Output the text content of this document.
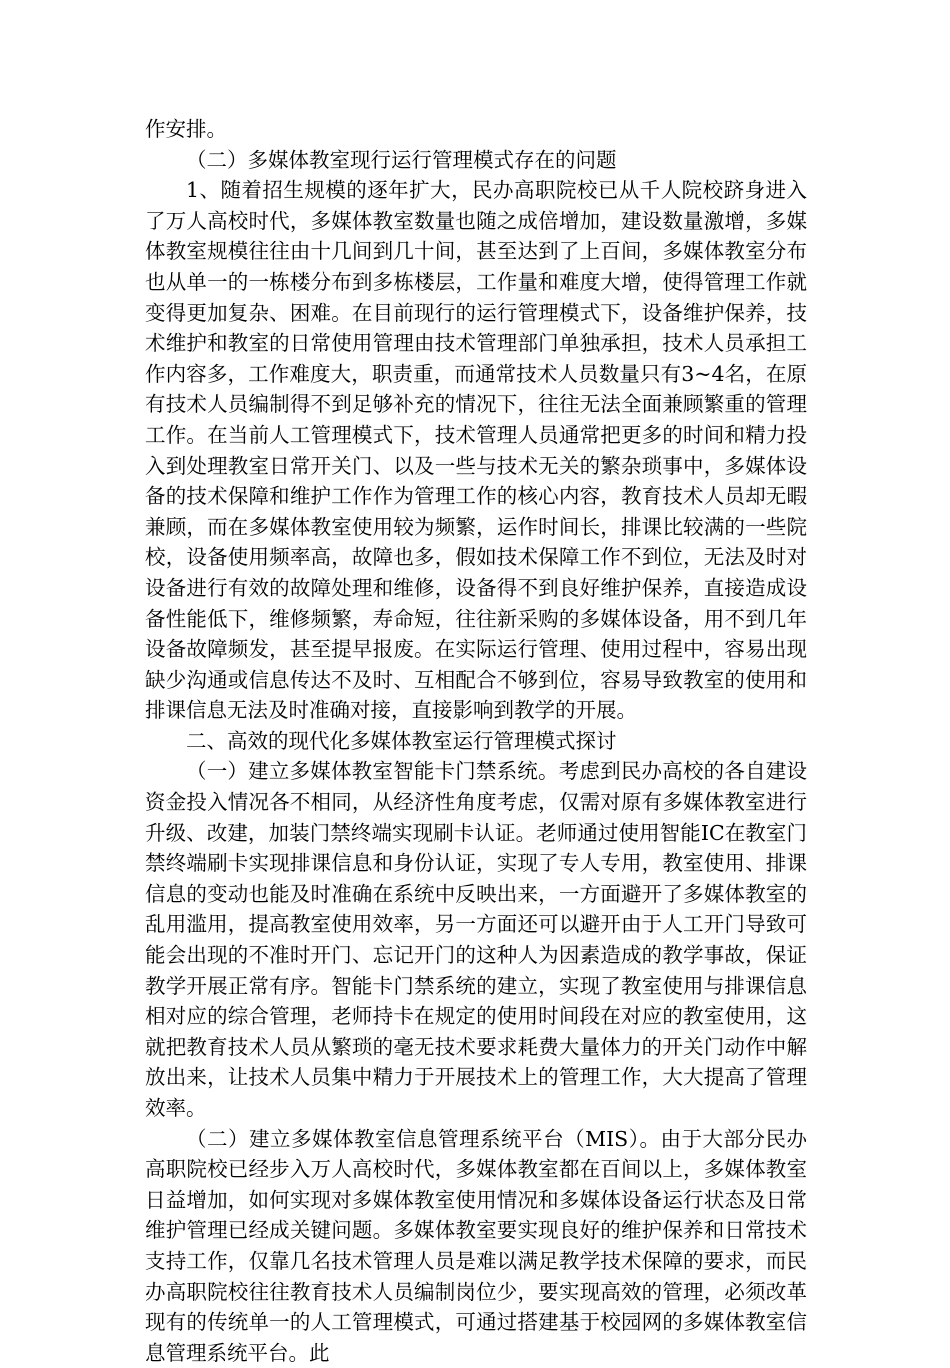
作安排。

（二）多媒体教室现行运行管理模式存在的问题

1、随着招生规模的逐年扩大，民办高职院校已从千人院校跻身进入了万人高校时代，多媒体教室数量也随之成倍增加，建设数量激增，多媒体教室规模往往由十几间到几十间，甚至达到了上百间，多媒体教室分布也从单一的一栋楼分布到多栋楼层，工作量和难度大增，使得管理工作就变得更加复杂、困难。在目前现行的运行管理模式下，设备维护保养，技术维护和教室的日常使用管理由技术管理部门单独承担，技术人员承担工作内容多，工作难度大，职责重，而通常技术人员数量只有3~4名，在原有技术人员编制得不到足够补充的情况下，往往无法全面兼顾繁重的管理工作。在当前人工管理模式下，技术管理人员通常把更多的时间和精力投入到处理教室日常开关门、以及一些与技术无关的繁杂琐事中，多媒体设备的技术保障和维护工作作为管理工作的核心内容，教育技术人员却无暇兼顾，而在多媒体教室使用较为频繁，运作时间长，排课比较满的一些院校，设备使用频率高，故障也多，假如技术保障工作不到位，无法及时对设备进行有效的故障处理和维修，设备得不到良好维护保养，直接造成设备性能低下，维修频繁，寿命短，往往新采购的多媒体设备，用不到几年设备故障频发，甚至提早报废。在实际运行管理、使用过程中，容易出现缺少沟通或信息传达不及时、互相配合不够到位，容易导致教室的使用和排课信息无法及时准确对接，直接影响到教学的开展。

二、高效的现代化多媒体教室运行管理模式探讨

（一）建立多媒体教室智能卡门禁系统。考虑到民办高校的各自建设资金投入情况各不相同，从经济性角度考虑，仅需对原有多媒体教室进行升级、改建，加装门禁终端实现刷卡认证。老师通过使用智能IC在教室门禁终端刷卡实现排课信息和身份认证，实现了专人专用，教室使用、排课信息的变动也能及时准确在系统中反映出来，一方面避开了多媒体教室的乱用滥用，提高教室使用效率，另一方面还可以避开由于人工开门导致可能会出现的不准时开门、忘记开门的这种人为因素造成的教学事故，保证教学开展正常有序。智能卡门禁系统的建立，实现了教室使用与排课信息相对应的综合管理，老师持卡在规定的使用时间段在对应的教室使用，这就把教育技术人员从繁琐的毫无技术要求耗费大量体力的开关门动作中解放出来，让技术人员集中精力于开展技术上的管理工作，大大提高了管理效率。

（二）建立多媒体教室信息管理系统平台（MIS）。由于大部分民办高职院校已经步入万人高校时代，多媒体教室都在百间以上，多媒体教室日益增加，如何实现对多媒体教室使用情况和多媒体设备运行状态及日常维护管理已经成关键问题。多媒体教室要实现良好的维护保养和日常技术支持工作，仅靠几名技术管理人员是难以满足教学技术保障的要求，而民办高职院校往往教育技术人员编制岗位少，要实现高效的管理，必须改革现有的传统单一的人工管理模式，可通过搭建基于校园网的多媒体教室信息管理系统平台。此
